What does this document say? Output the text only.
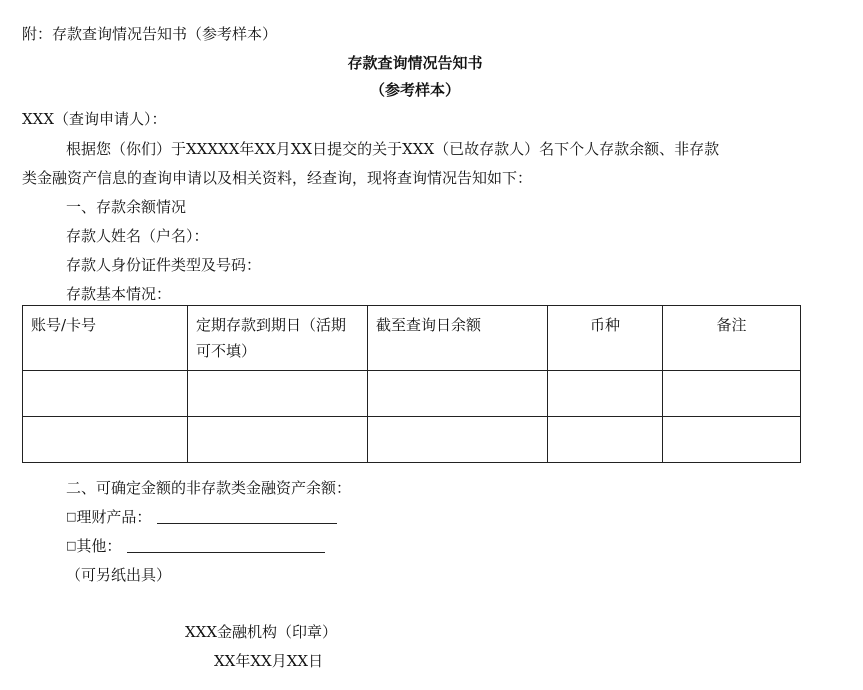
附：存款查询情况告知书（参考样本）
存款查询情况告知书
（参考样本）
XXX（查询申请人）：
根据您（你们）于XXXXX年XX月XX日提交的关于XXX（已故存款人）名下个人存款余额、非存款
类金融资产信息的查询申请以及相关资料，经查询，现将查询情况告知如下：
一、存款余额情况
存款人姓名（户名）：
存款人身份证件类型及号码：
存款基本情况：
账号/卡号	定期存款到期日（活期可不填）	截至查询日余额	币种	备注

二、可确定金额的非存款类金融资产余额：
□理财产品：
□其他：
（可另纸出具）
XXX金融机构（印章）
XX年XX月XX日
